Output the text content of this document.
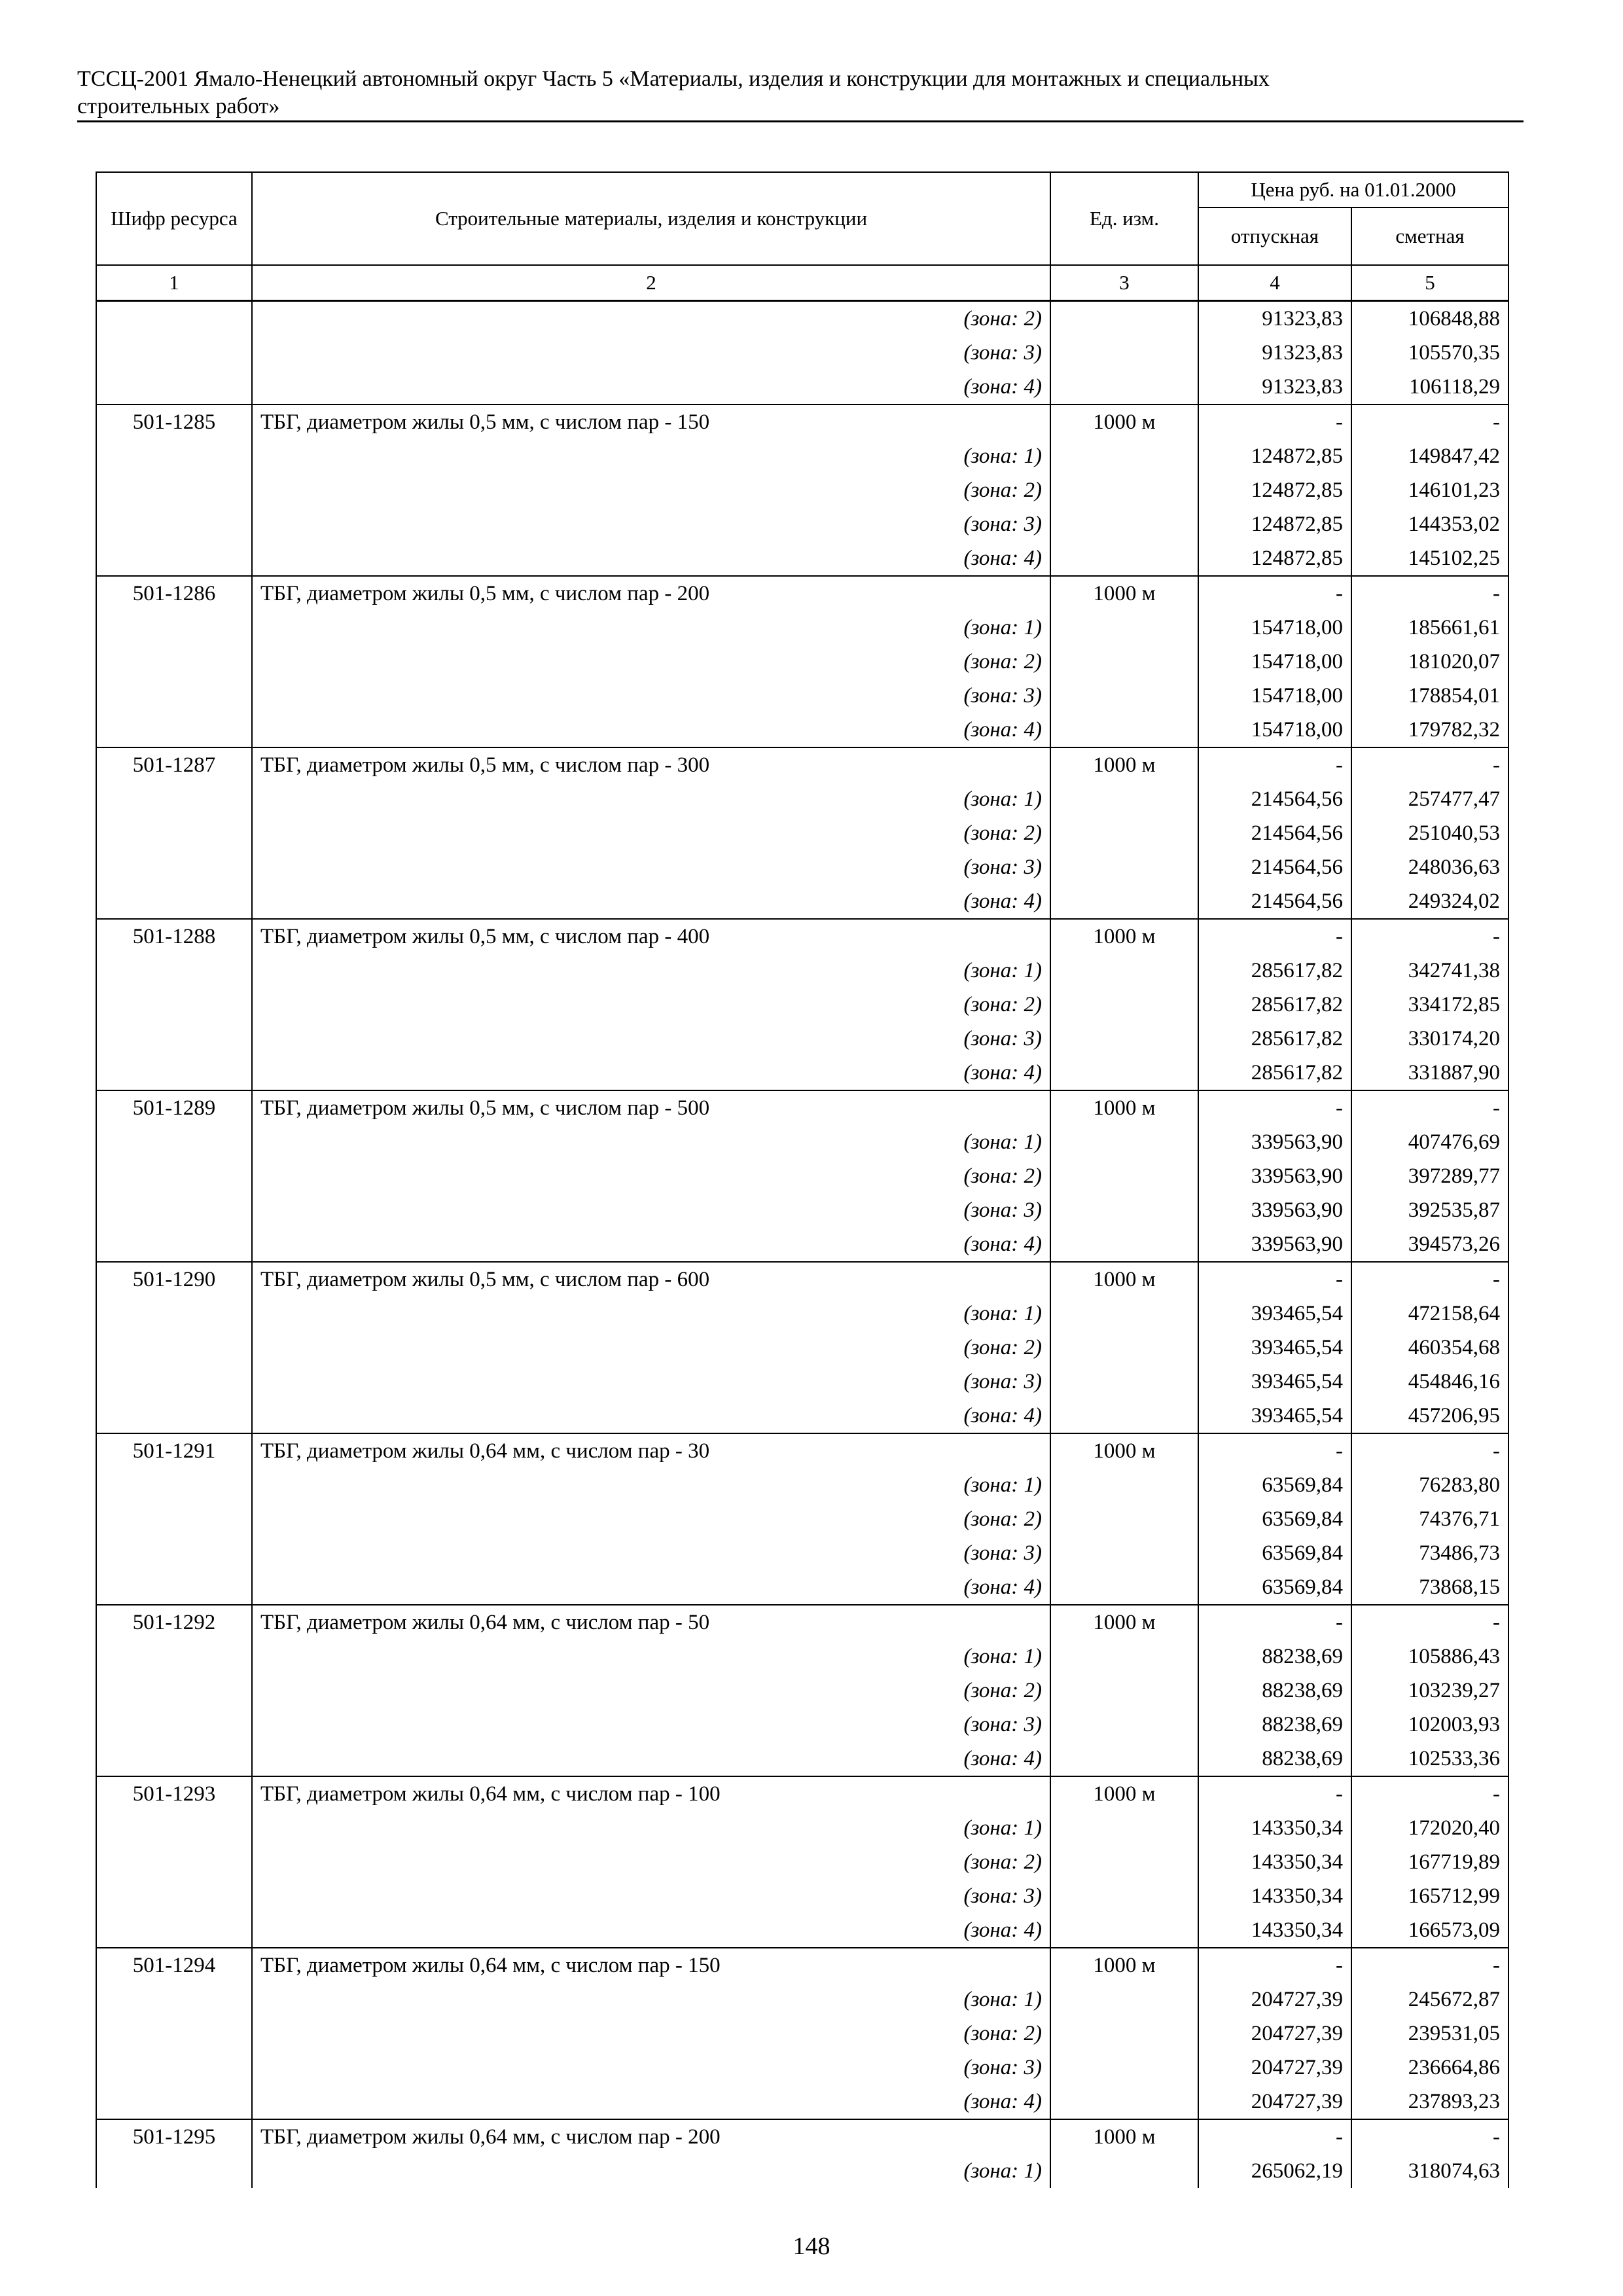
ТССЦ-2001 Ямало-Ненецкий автономный округ Часть 5 «Материалы, изделия и конструкции для монтажных и специальных
строительных работ»
Шифр ресурса	Строительные материалы, изделия и конструкции	Ед. изм.	Цена руб. на 01.01.2000	
			отпускная	сметная
1	2	3	4	5
	(зона: 2)		91323,83	106848,88
	(зона: 3)		91323,83	105570,35
	(зона: 4)		91323,83	106118,29
501-1285	ТБГ, диаметром жилы 0,5 мм, с числом пар - 150	1000 м	-	-
	(зона: 1)		124872,85	149847,42
	(зона: 2)		124872,85	146101,23
	(зона: 3)		124872,85	144353,02
	(зона: 4)		124872,85	145102,25
501-1286	ТБГ, диаметром жилы 0,5 мм, с числом пар - 200	1000 м	-	-
	(зона: 1)		154718,00	185661,61
	(зона: 2)		154718,00	181020,07
	(зона: 3)		154718,00	178854,01
	(зона: 4)		154718,00	179782,32
501-1287	ТБГ, диаметром жилы 0,5 мм, с числом пар - 300	1000 м	-	-
	(зона: 1)		214564,56	257477,47
	(зона: 2)		214564,56	251040,53
	(зона: 3)		214564,56	248036,63
	(зона: 4)		214564,56	249324,02
501-1288	ТБГ, диаметром жилы 0,5 мм, с числом пар - 400	1000 м	-	-
	(зона: 1)		285617,82	342741,38
	(зона: 2)		285617,82	334172,85
	(зона: 3)		285617,82	330174,20
	(зона: 4)		285617,82	331887,90
501-1289	ТБГ, диаметром жилы 0,5 мм, с числом пар - 500	1000 м	-	-
	(зона: 1)		339563,90	407476,69
	(зона: 2)		339563,90	397289,77
	(зона: 3)		339563,90	392535,87
	(зона: 4)		339563,90	394573,26
501-1290	ТБГ, диаметром жилы 0,5 мм, с числом пар - 600	1000 м	-	-
	(зона: 1)		393465,54	472158,64
	(зона: 2)		393465,54	460354,68
	(зона: 3)		393465,54	454846,16
	(зона: 4)		393465,54	457206,95
501-1291	ТБГ, диаметром жилы 0,64 мм, с числом пар - 30	1000 м	-	-
	(зона: 1)		63569,84	76283,80
	(зона: 2)		63569,84	74376,71
	(зона: 3)		63569,84	73486,73
	(зона: 4)		63569,84	73868,15
501-1292	ТБГ, диаметром жилы 0,64 мм, с числом пар - 50	1000 м	-	-
	(зона: 1)		88238,69	105886,43
	(зона: 2)		88238,69	103239,27
	(зона: 3)		88238,69	102003,93
	(зона: 4)		88238,69	102533,36
501-1293	ТБГ, диаметром жилы 0,64 мм, с числом пар - 100	1000 м	-	-
	(зона: 1)		143350,34	172020,40
	(зона: 2)		143350,34	167719,89
	(зона: 3)		143350,34	165712,99
	(зона: 4)		143350,34	166573,09
501-1294	ТБГ, диаметром жилы 0,64 мм, с числом пар - 150	1000 м	-	-
	(зона: 1)		204727,39	245672,87
	(зона: 2)		204727,39	239531,05
	(зона: 3)		204727,39	236664,86
	(зона: 4)		204727,39	237893,23
501-1295	ТБГ, диаметром жилы 0,64 мм, с числом пар - 200	1000 м	-	-
	(зона: 1)		265062,19	318074,63
148
